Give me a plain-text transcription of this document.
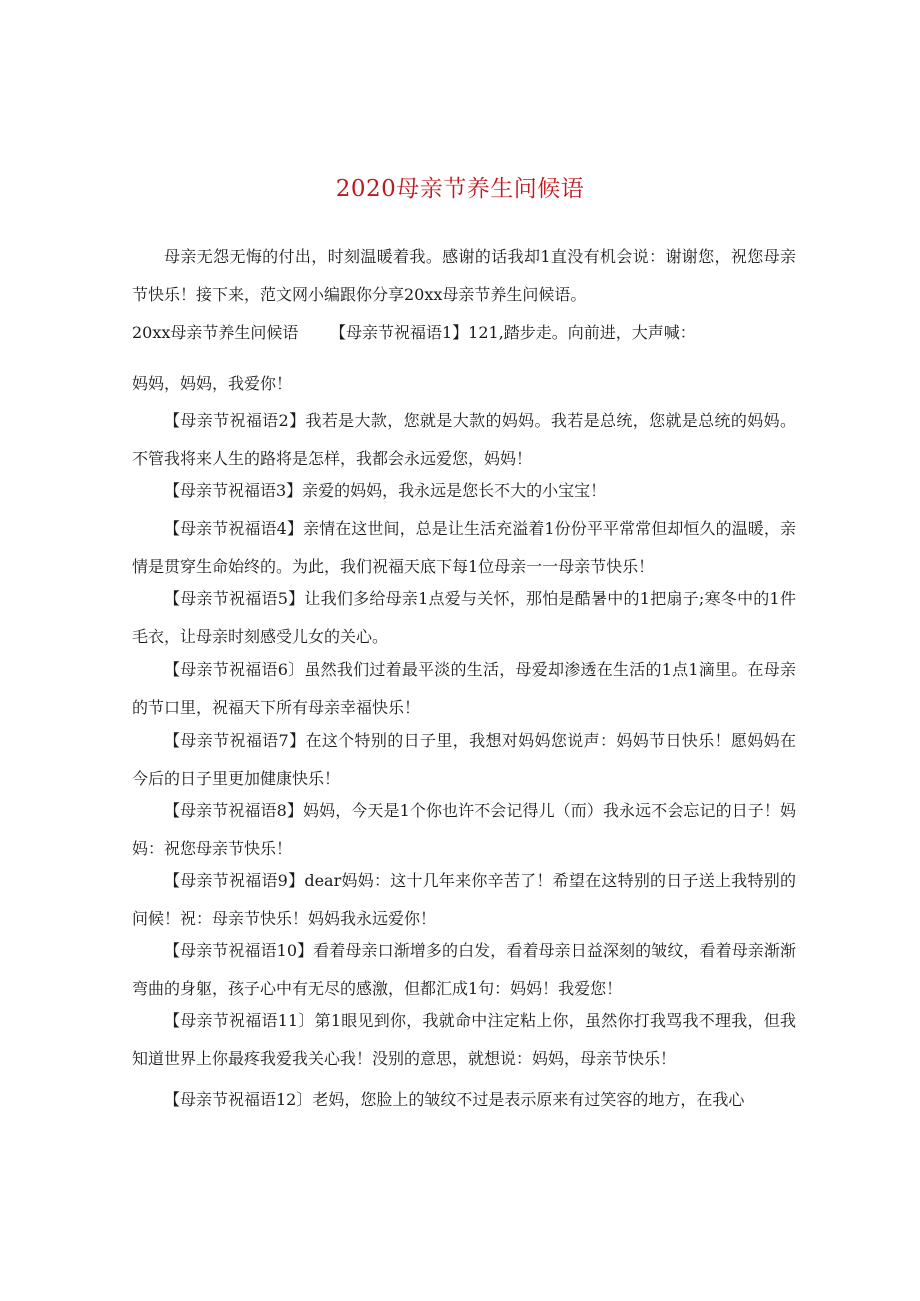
2020母亲节养生问候语

母亲无怨无悔的付出，时刻温暖着我。感谢的话我却1直没有机会说：谢谢您，祝您母亲节快乐！接下来，范文网小编跟你分享20xx母亲节养生问候语。

20xx母亲节养生问候语 【母亲节祝福语1】121,踏步走。向前进，大声喊：
妈妈，妈妈，我爱你！

【母亲节祝福语2】我若是大款，您就是大款的妈妈。我若是总统，您就是总统的妈妈。不管我将来人生的路将是怎样，我都会永远爱您，妈妈！

【母亲节祝福语3】亲爱的妈妈，我永远是您长不大的小宝宝！

【母亲节祝福语4】亲情在这世间，总是让生活充溢着1份份平平常常但却恒久的温暖，亲情是贯穿生命始终的。为此，我们祝福天底下每1位母亲一一母亲节快乐！

【母亲节祝福语5】让我们多给母亲1点爱与关怀，那怕是酷暑中的1把扇子;寒冬中的1件毛衣，让母亲时刻感受儿女的关心。

【母亲节祝福语6〕虽然我们过着最平淡的生活，母爱却渗透在生活的1点1滴里。在母亲的节口里，祝福天下所有母亲幸福快乐！

【母亲节祝福语7】在这个特别的日子里，我想对妈妈您说声：妈妈节日快乐！愿妈妈在今后的日子里更加健康快乐！

【母亲节祝福语8】妈妈，今天是1个你也许不会记得儿（而）我永远不会忘记的日子！妈妈：祝您母亲节快乐！

【母亲节祝福语9】dear妈妈：这十几年来你辛苦了！希望在这特别的日子送上我特别的问候！祝：母亲节快乐！妈妈我永远爱你！

【母亲节祝福语10】看着母亲口渐增多的白发，看着母亲日益深刻的皱纹，看着母亲渐渐弯曲的身躯，孩子心中有无尽的感激，但都汇成1句：妈妈！我爱您！

【母亲节祝福语11〕第1眼见到你，我就命中注定粘上你，虽然你打我骂我不理我，但我知道世界上你最疼我爱我关心我！没别的意思，就想说：妈妈，母亲节快乐！

【母亲节祝福语12〕老妈，您脸上的皱纹不过是表示原来有过笑容的地方，在我心
